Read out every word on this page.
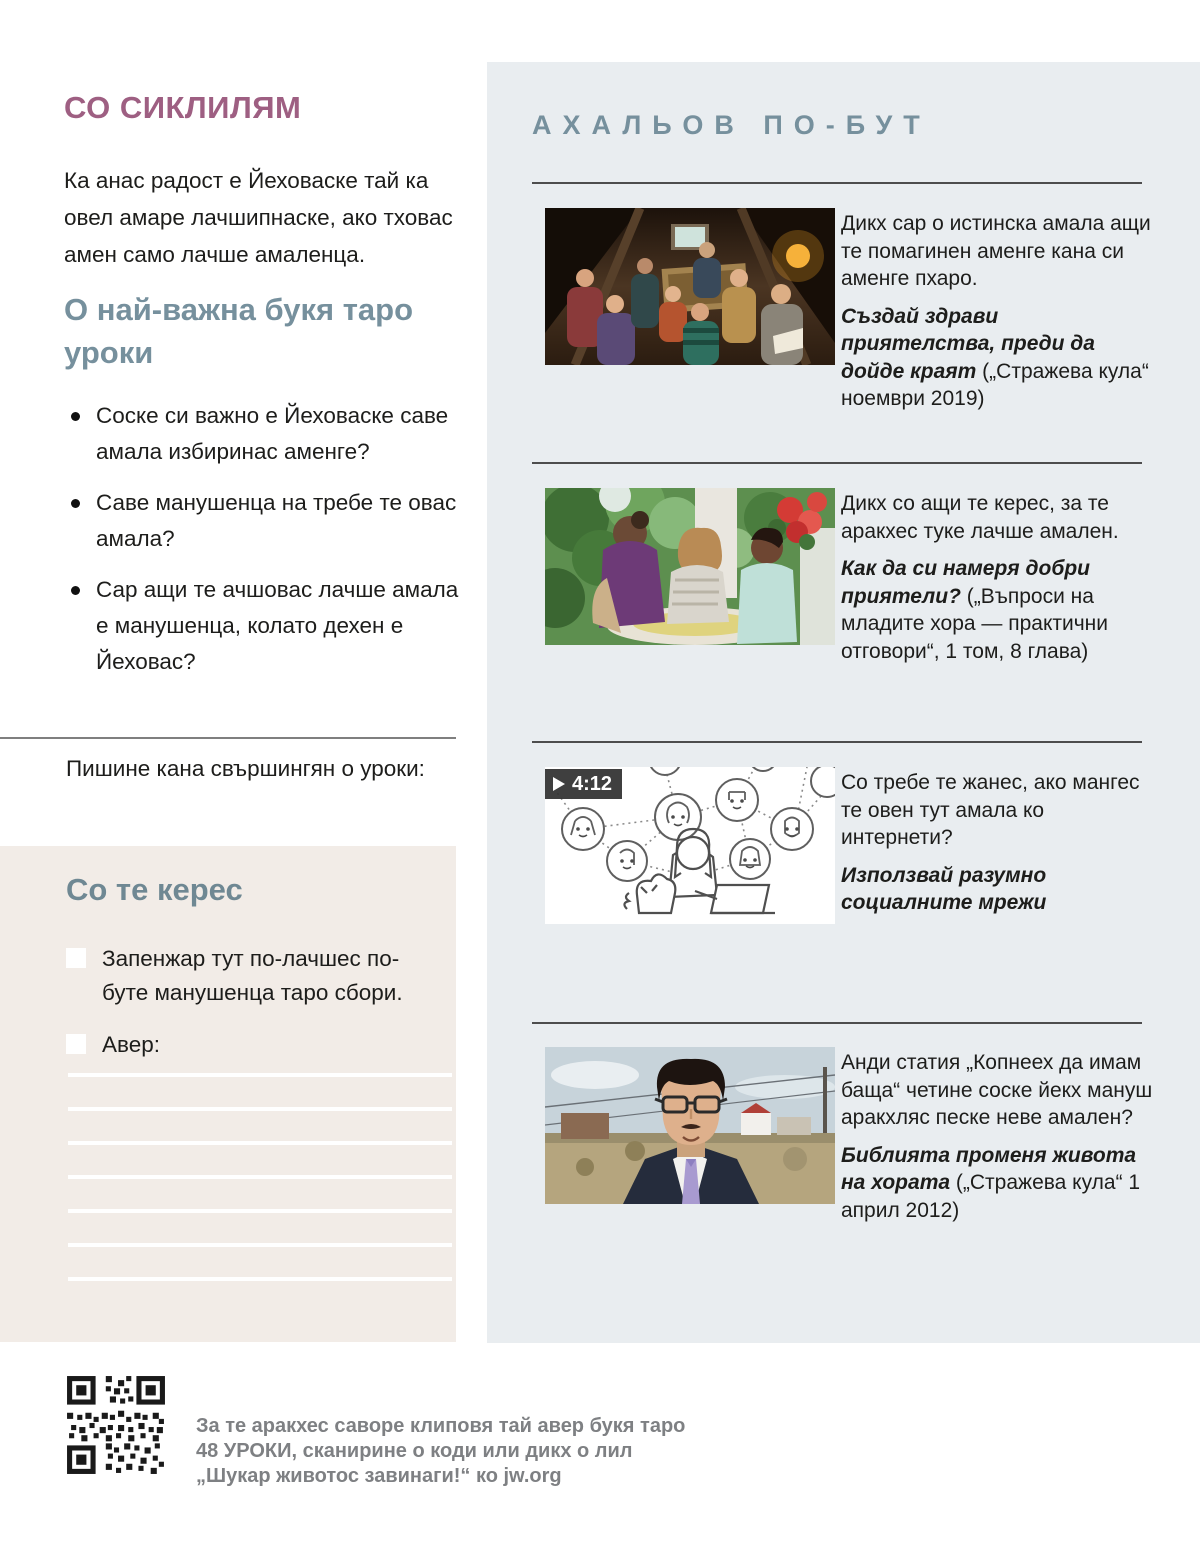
СО СИКЛИЛЯМ

Ка анас радост е Йеховаске тай ка овел амаре лачшипнаске, ако тховас амен само лачше амаленца.

О най-важна букя таро уроки
Соске си важно е Йеховаске саве амала избиринас аменге?
Саве манушенца на требе те овас амала?
Сар ащи те ачшовас лачше амала е манушенца, колато дехен е Йеховас?

Пишине кана свършингян о уроки:

Со те керес
Запенжар тут по-лачшес по-буте манушенца таро сбори.
Авер:
АХАЛЬОВ ПО-БУТ

Дикх сар о истинска амала ащи те помагинен аменге кана си аменге пхаро.

Създай здрави приятелства, преди да дойде краят („Стражева кула“ ноември 2019)

Дикх со ащи те керес, за те аракхес туке лачше амален.

Как да си намеря добри приятели? („Въпроси на младите хора — практични отговори“, 1 том, 8 глава)

4:12	Со требе те жанес, ако мангес те овен тут амала ко интернети?

Използвай разумно социалните мрежи

Анди статия „Копнеех да имам баща“ четине соске йекх мануш аракхляс песке неве амален?

Библията променя живота на хората („Стражева кула“ 1 април 2012)

За те аракхес саворе клиповя тай авер букя таро
48 УРОКИ, сканирине о коди или дикх о лил
„Шукар животос завинаги!“ ко jw.org
